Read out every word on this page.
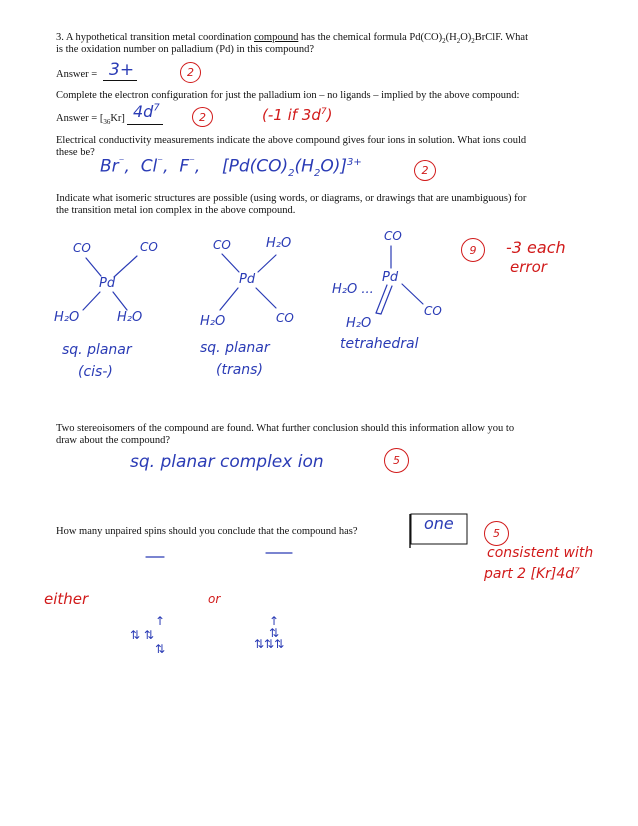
3. A hypothetical transition metal coordination compound has the chemical formula $Pd(CO)_2(H_2O)_2BrClF$. What
is the oxidation number on palladium (Pd) in this compound?
Answer = 3+	2
Complete the electron configuration for just the palladium ion – no ligands – implied by the above compound:
Answer = $[_{36}Kr]$ $4d^7$
2	(-1 if $3d^7$)
Electrical conductivity measurements indicate the above compound gives four ions in solution. What ions could
these be?
Br⁻,  Cl⁻,  F⁻,    $[Pd(CO)_2(H_2O)]^{3+}$
2
Indicate what isomeric structures are possible (using words, or diagrams, or drawings that are unambiguous) for
the transition metal ion complex in the above compound.
CO	CO
Pd
H₂O	H₂O
sq. planar
(cis-)
CO	H₂O
Pd
H₂O	CO
sq. planar
(trans)
CO
H₂O ...
Pd
CO
H₂O
tetrahedral
9	-3 each
error
Two stereoisomers of the compound are found. What further conclusion should this information allow you to
draw about the compound?
sq. planar complex ion	5
How many unpaired spins should you conclude that the compound has?	one
5
consistent with
part 2 [Kr]4d⁷
either	or
↑
⇅ ⇅
⇅
↑
⇅
⇅⇅⇅
